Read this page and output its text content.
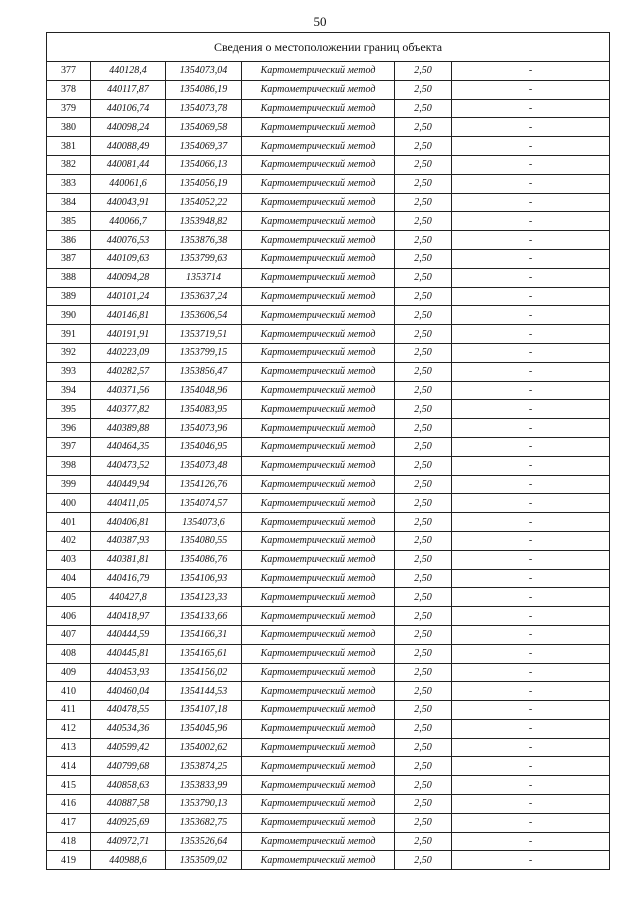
50
Сведения о местоположении границ объекта					
377	440128,4	1354073,04	Картометрический метод	2,50	-
378	440117,87	1354086,19	Картометрический метод	2,50	-
379	440106,74	1354073,78	Картометрический метод	2,50	-
380	440098,24	1354069,58	Картометрический метод	2,50	-
381	440088,49	1354069,37	Картометрический метод	2,50	-
382	440081,44	1354066,13	Картометрический метод	2,50	-
383	440061,6	1354056,19	Картометрический метод	2,50	-
384	440043,91	1354052,22	Картометрический метод	2,50	-
385	440066,7	1353948,82	Картометрический метод	2,50	-
386	440076,53	1353876,38	Картометрический метод	2,50	-
387	440109,63	1353799,63	Картометрический метод	2,50	-
388	440094,28	1353714	Картометрический метод	2,50	-
389	440101,24	1353637,24	Картометрический метод	2,50	-
390	440146,81	1353606,54	Картометрический метод	2,50	-
391	440191,91	1353719,51	Картометрический метод	2,50	-
392	440223,09	1353799,15	Картометрический метод	2,50	-
393	440282,57	1353856,47	Картометрический метод	2,50	-
394	440371,56	1354048,96	Картометрический метод	2,50	-
395	440377,82	1354083,95	Картометрический метод	2,50	-
396	440389,88	1354073,96	Картометрический метод	2,50	-
397	440464,35	1354046,95	Картометрический метод	2,50	-
398	440473,52	1354073,48	Картометрический метод	2,50	-
399	440449,94	1354126,76	Картометрический метод	2,50	-
400	440411,05	1354074,57	Картометрический метод	2,50	-
401	440406,81	1354073,6	Картометрический метод	2,50	-
402	440387,93	1354080,55	Картометрический метод	2,50	-
403	440381,81	1354086,76	Картометрический метод	2,50	-
404	440416,79	1354106,93	Картометрический метод	2,50	-
405	440427,8	1354123,33	Картометрический метод	2,50	-
406	440418,97	1354133,66	Картометрический метод	2,50	-
407	440444,59	1354166,31	Картометрический метод	2,50	-
408	440445,81	1354165,61	Картометрический метод	2,50	-
409	440453,93	1354156,02	Картометрический метод	2,50	-
410	440460,04	1354144,53	Картометрический метод	2,50	-
411	440478,55	1354107,18	Картометрический метод	2,50	-
412	440534,36	1354045,96	Картометрический метод	2,50	-
413	440599,42	1354002,62	Картометрический метод	2,50	-
414	440799,68	1353874,25	Картометрический метод	2,50	-
415	440858,63	1353833,99	Картометрический метод	2,50	-
416	440887,58	1353790,13	Картометрический метод	2,50	-
417	440925,69	1353682,75	Картометрический метод	2,50	-
418	440972,71	1353526,64	Картометрический метод	2,50	-
419	440988,6	1353509,02	Картометрический метод	2,50	-
